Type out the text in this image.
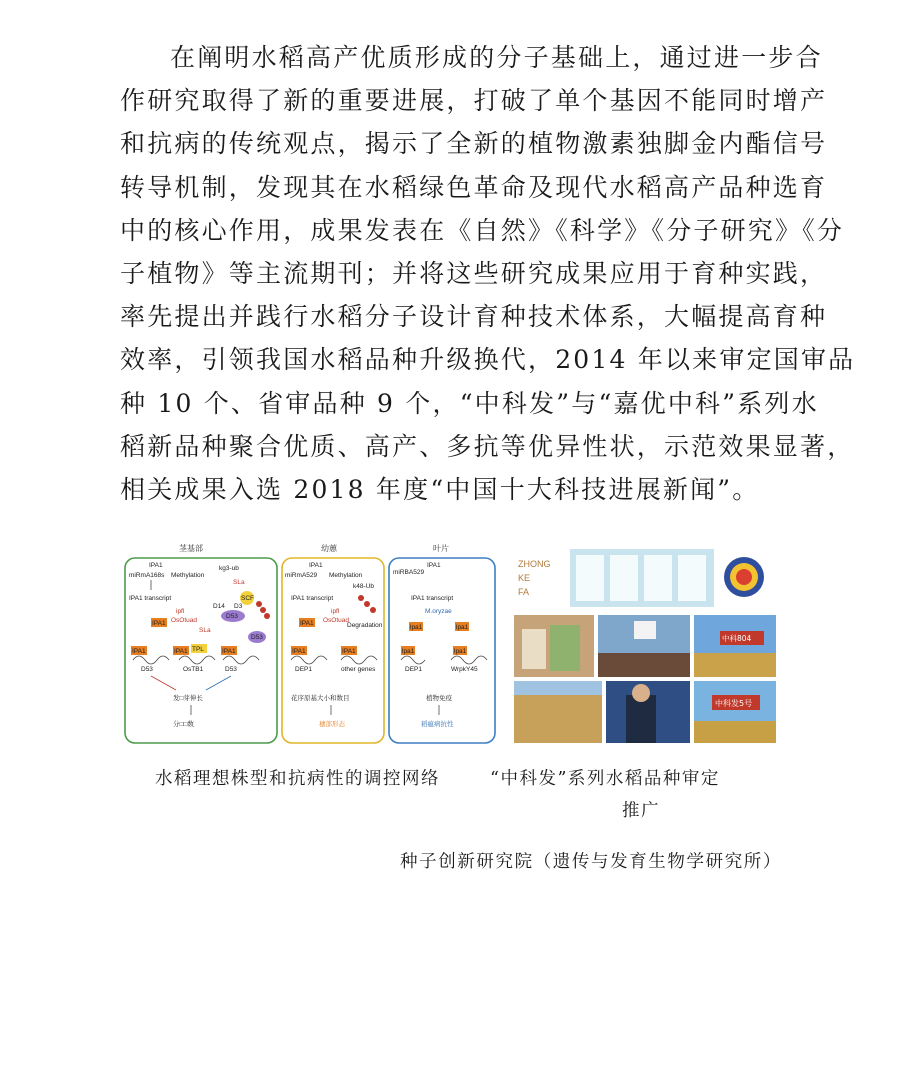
在阐明水稻高产优质形成的分子基础上，通过进一步合
作研究取得了新的重要进展，打破了单个基因不能同时增产
和抗病的传统观点，揭示了全新的植物激素独脚金内酯信号
转导机制，发现其在水稻绿色革命及现代水稻高产品种选育
中的核心作用，成果发表在《自然》《科学》《分子研究》《分
子植物》等主流期刊；并将这些研究成果应用于育种实践，
率先提出并践行水稻分子设计育种技术体系，大幅提高育种
效率，引领我国水稻品种升级换代，2014 年以来审定国审品
种 10 个、省审品种 9 个，“中科发”与“嘉优中科”系列水
稻新品种聚合优质、高产、多抗等优异性状，示范效果显著，
相关成果入选 2018 年度“中国十大科技进展新闻”。
茎基部
IPA1
miRmA168s Methylation
kg3-ub
IPA1 transcript
SLa
SCF
D14 D3
D53
ipfl
OsOtuad
IPA1
SLa
D53
IPA1	IPA1 TPL	IPA1
D53	OsTB1	D53
发□芽伸长
分□□数
幼蕙
IPA1
miRmA529 Methylation
k48-Ub
IPA1 transcript
ipfl
OsOtuad
IPA1	Degradation
IPA1	IPA1
DEP1	other genes
花序原基大小和数目
穗部形态
叶片
IPA1
miRBA529
IPA1 transcript
M.oryzae
lpa1	lpa1
lpa1	lpa1
DEP1	WrpkY45
植物免疫
稻瘟病抗性
ZHONG
KE
FA
中科804
中科发5号
水稻理想株型和抗病性的调控网络	“中科发”系列水稻品种审定
推广
种子创新研究院（遗传与发育生物学研究所）
